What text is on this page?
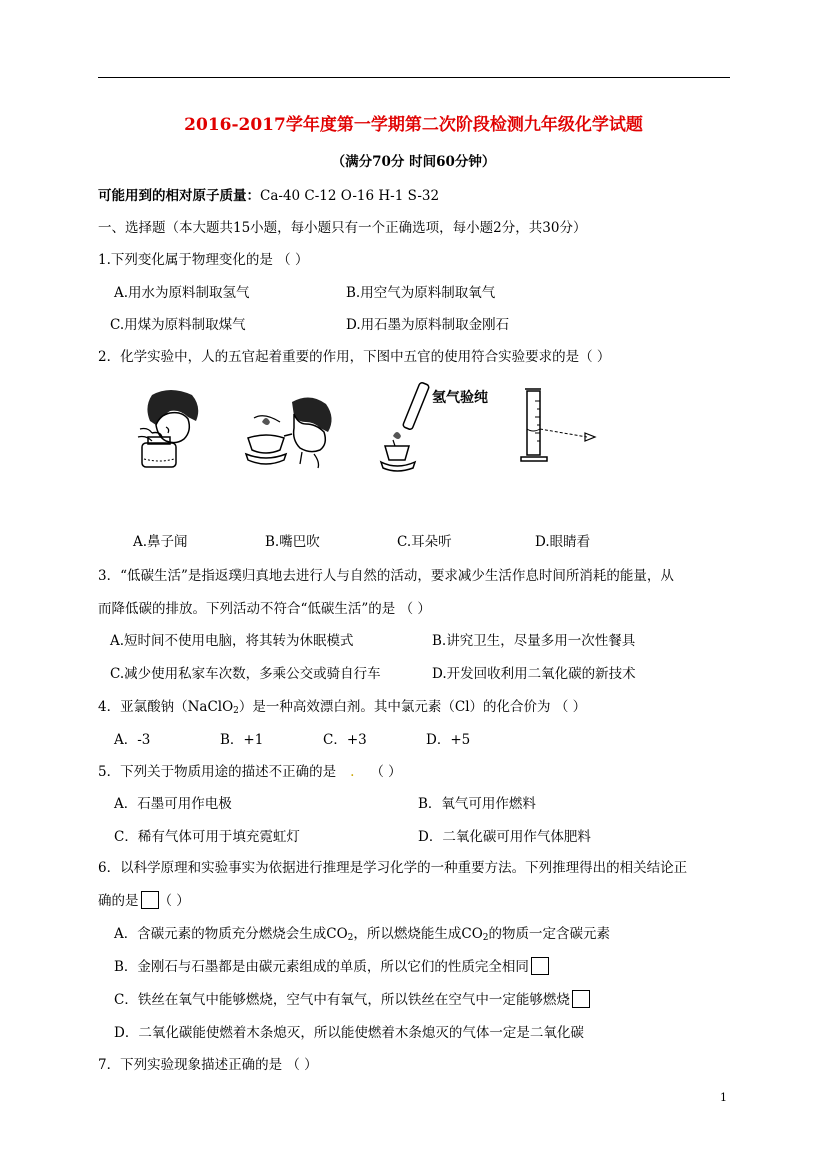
2016-2017学年度第一学期第二次阶段检测九年级化学试题
（满分70分 时间60分钟）
可能用到的相对原子质量：Ca-40 C-12 O-16 H-1 S-32
一、选择题（本大题共15小题，每小题只有一个正确选项，每小题2分，共30分）
1.下列变化属于物理变化的是 （ ）
A.用水为原料制取氢气	B.用空气为原料制取氧气
C.用煤为原料制取煤气	D.用石墨为原料制取金刚石
2．化学实验中，人的五官起着重要的作用，下图中五官的使用符合实验要求的是（ ）
氢气验纯
A.鼻子闻	B.嘴巴吹	C.耳朵听	D.眼睛看
3．“低碳生活”是指返璞归真地去进行人与自然的活动，要求减少生活作息时间所消耗的能量，从
而降低碳的排放。下列活动不符合“低碳生活”的是 （ ）
A.短时间不使用电脑，将其转为休眠模式	B.讲究卫生，尽量多用一次性餐具
C.减少使用私家车次数，多乘公交或骑自行车	D.开发回收利用二氧化碳的新技术
4．亚氯酸钠（NaClO$_2$）是一种高效漂白剂。其中氯元素（Cl）的化合价为 （ ）
A．-3	B．+1	C．+3	D．+5
5．下列关于物质用途的描述不正确的是 . （ ）
A．石墨可用作电极	B．氧气可用作燃料
C．稀有气体可用于填充霓虹灯	D．二氧化碳可用作气体肥料
6．以科学原理和实验事实为依据进行推理是学习化学的一种重要方法。下列推理得出的相关结论正
确的是 （ ）
A．含碳元素的物质充分燃烧会生成$CO_2$，所以燃烧能生成$CO_2$的物质一定含碳元素
B．金刚石与石墨都是由碳元素组成的单质，所以它们的性质完全相同
C．铁丝在氧气中能够燃烧，空气中有氧气，所以铁丝在空气中一定能够燃烧
D．二氧化碳能使燃着木条熄灭，所以能使燃着木条熄灭的气体一定是二氧化碳
7．下列实验现象描述正确的是 （ ）
1
